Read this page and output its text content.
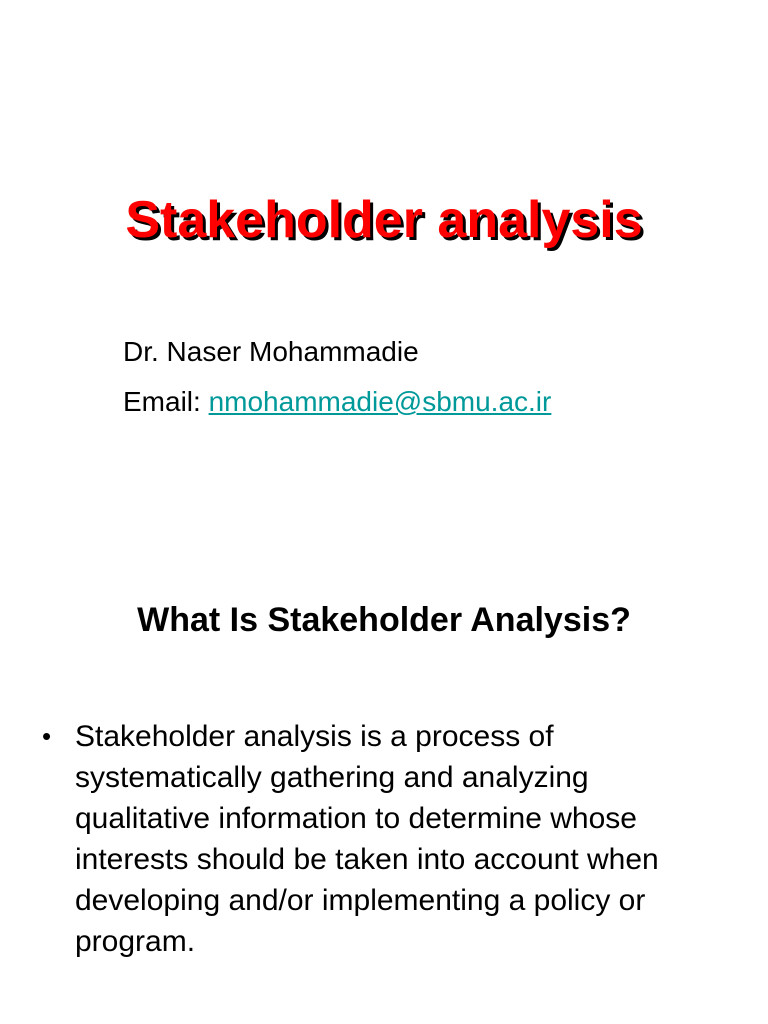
Stakeholder analysis

Dr. Naser Mohammadie

Email: nmohammadie@sbmu.ac.ir

What Is Stakeholder Analysis?
• Stakeholder analysis is a process of systematically gathering and analyzing qualitative information to determine whose interests should be taken into account when developing and/or implementing a policy or program.
